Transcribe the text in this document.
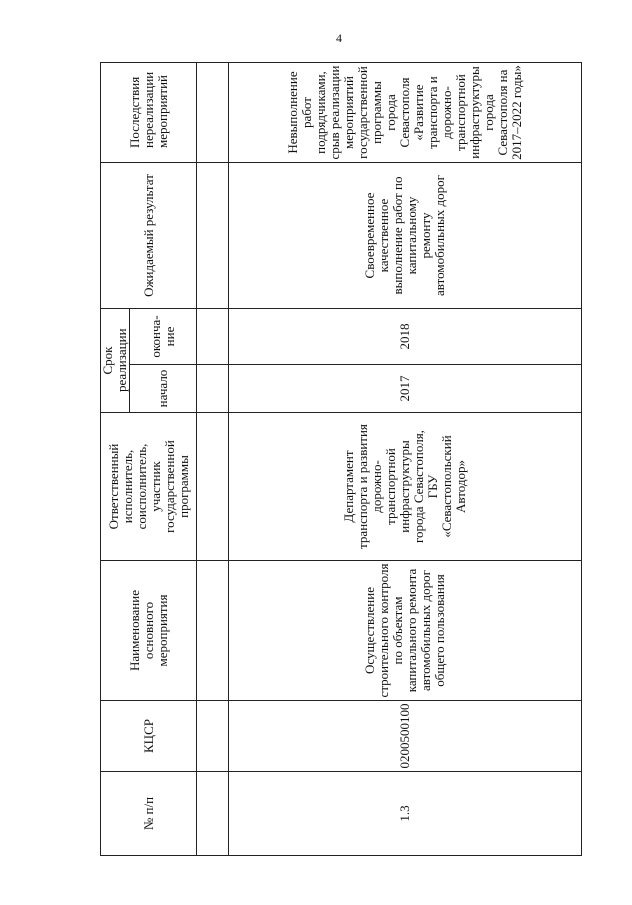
4
№ п/п	КЦСР	Наименование основного мероприятия	Ответственный исполнитель, соисполнитель, участник государственной программы	Срок реализации		Ожидаемый результат	Последствия нереализации мероприятий
				начало	оконча-ние		

1.3	0200500100	Осуществление строительного контроля по объектам капитального ремонта автомобильных дорог общего пользования	Департамент транспорта и развития дорожно-транспортной инфраструктуры города Севастополя, ГБУ «Севастопольский Автодор»	2017	2018	Своевременное качественное выполнение работ по капитальному ремонту автомобильных дорог	Невыполнение работ подрядчиками, срыв реализации мероприятий государственной программы города Севастополя «Развитие транспорта и дорожно-транспортной инфраструктуры города Севастополя на 2017–2022 годы»
